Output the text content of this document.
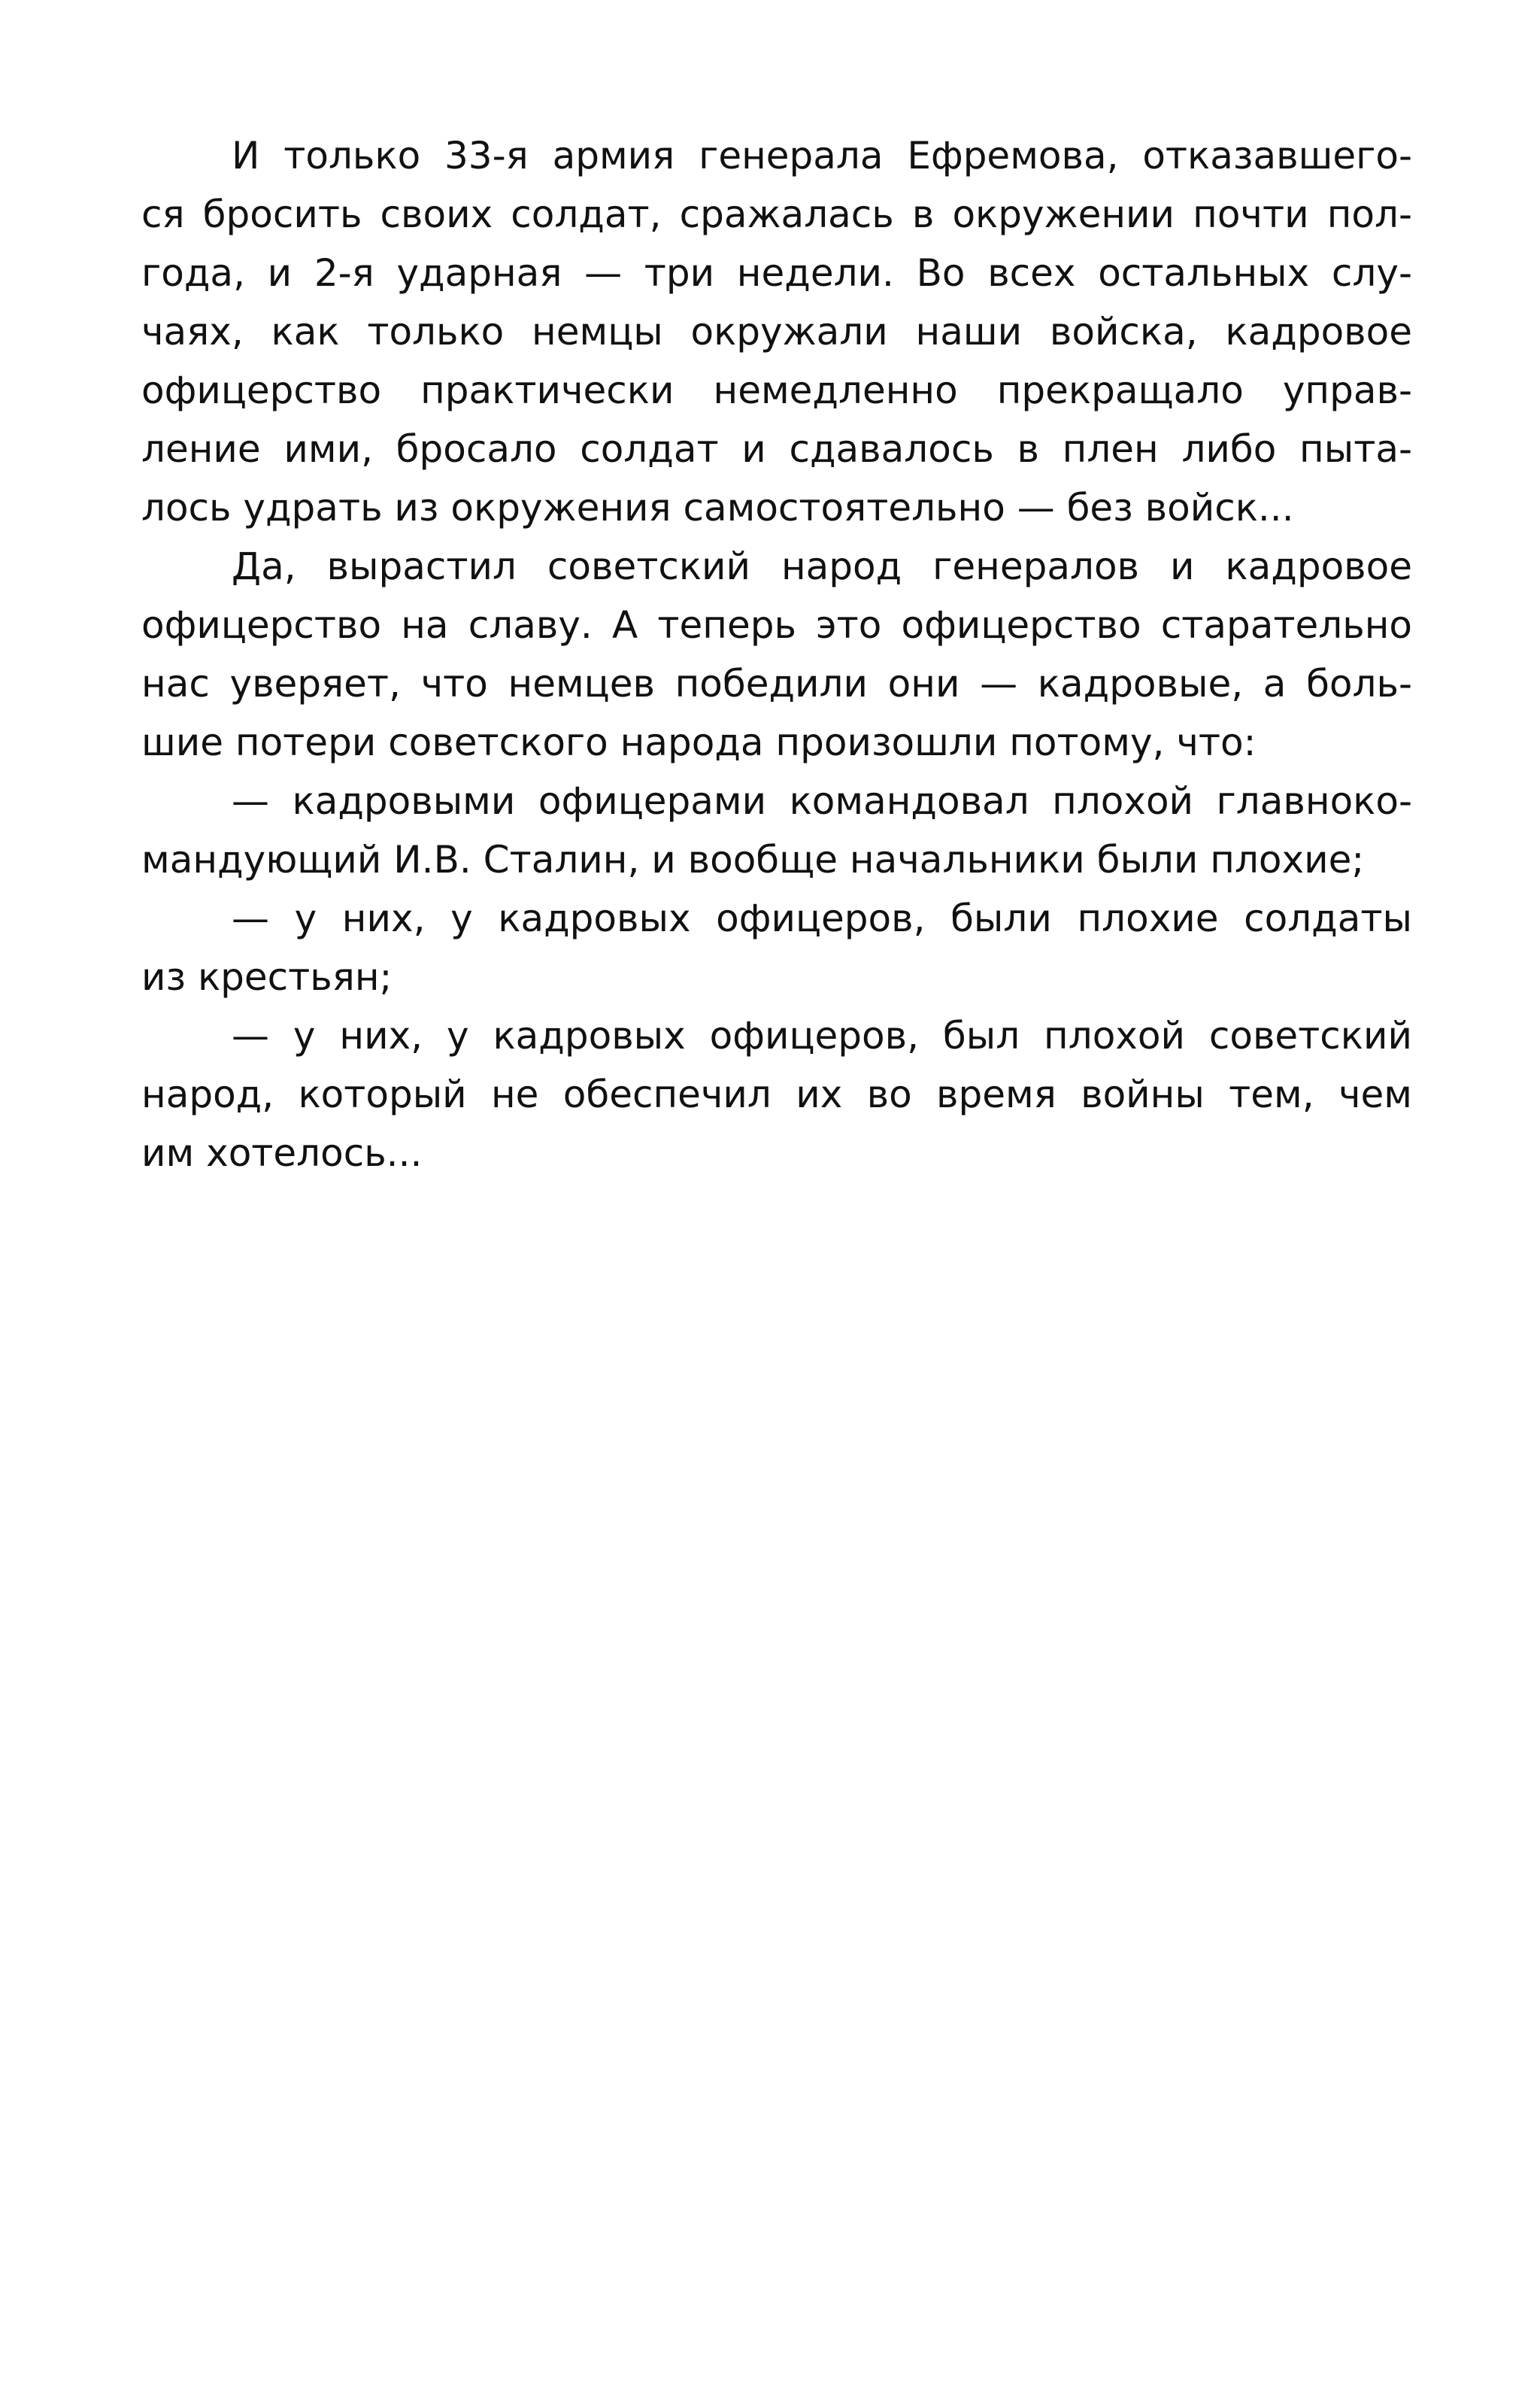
И только 33-я армия генерала Ефремова, отказавшего-
ся бросить своих солдат, сражалась в окружении почти пол-
года, и 2-я ударная — три недели. Во всех остальных слу-
чаях, как только немцы окружали наши войска, кадровое
офицерство практически немедленно прекращало управ-
ление ими, бросало солдат и сдавалось в плен либо пыта-
лось удрать из окружения самостоятельно — без войск...
Да, вырастил советский народ генералов и кадровое
офицерство на славу. А теперь это офицерство старательно
нас уверяет, что немцев победили они — кадровые, а боль-
шие потери советского народа произошли потому, что:
— кадровыми офицерами командовал плохой главноко-
мандующий И.В. Сталин, и вообще начальники были плохие;
— у них, у кадровых офицеров, были плохие солдаты
из крестьян;
— у них, у кадровых офицеров, был плохой советский
народ, который не обеспечил их во время войны тем, чем
им хотелось...
